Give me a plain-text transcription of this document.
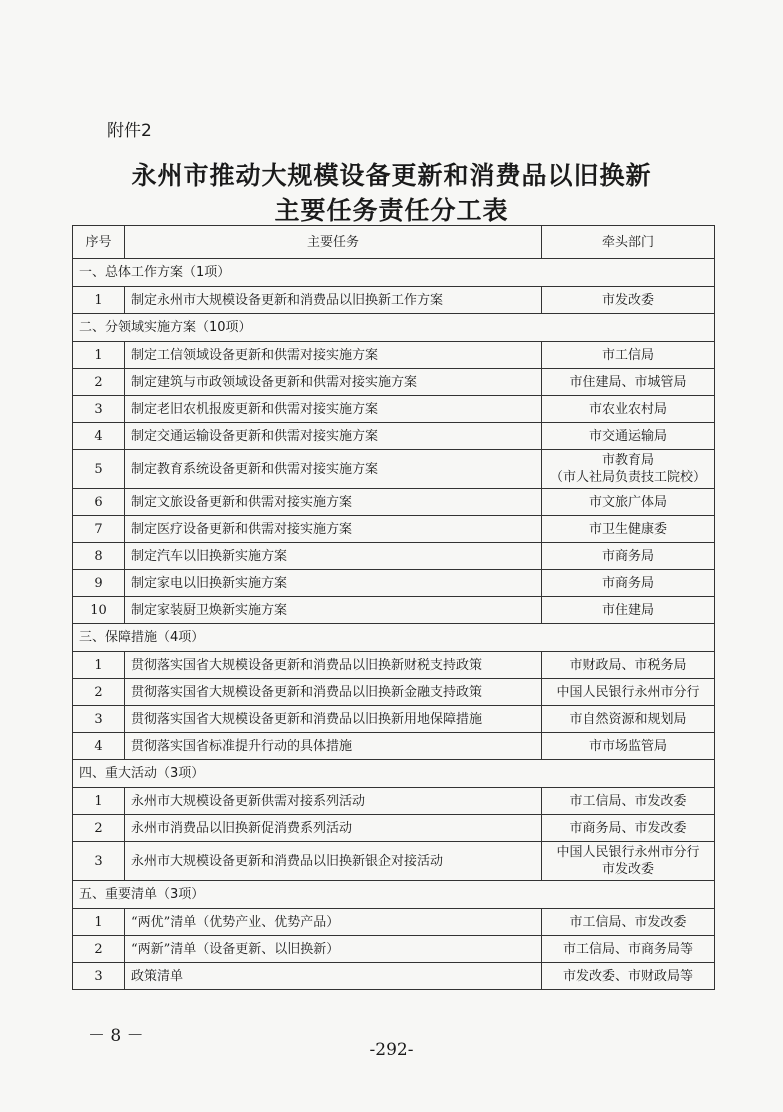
附件2
永州市推动大规模设备更新和消费品以旧换新
主要任务责任分工表
序号	主要任务	牵头部门
一、总体工作方案（1项）		
1	制定永州市大规模设备更新和消费品以旧换新工作方案	市发改委

二、分领域实施方案（10项）		
1	制定工信领域设备更新和供需对接实施方案	市工信局

2	制定建筑与市政领域设备更新和供需对接实施方案	市住建局、市城管局

3	制定老旧农机报废更新和供需对接实施方案	市农业农村局

4	制定交通运输设备更新和供需对接实施方案	市交通运输局

5	制定教育系统设备更新和供需对接实施方案	市教育局
（市人社局负责技工院校）

6	制定文旅设备更新和供需对接实施方案	市文旅广体局

7	制定医疗设备更新和供需对接实施方案	市卫生健康委

8	制定汽车以旧换新实施方案	市商务局

9	制定家电以旧换新实施方案	市商务局

10	制定家装厨卫焕新实施方案	市住建局

三、保障措施（4项）		
1	贯彻落实国省大规模设备更新和消费品以旧换新财税支持政策	市财政局、市税务局

2	贯彻落实国省大规模设备更新和消费品以旧换新金融支持政策	中国人民银行永州市分行

3	贯彻落实国省大规模设备更新和消费品以旧换新用地保障措施	市自然资源和规划局

4	贯彻落实国省标准提升行动的具体措施	市市场监管局

四、重大活动（3项）		
1	永州市大规模设备更新供需对接系列活动	市工信局、市发改委

2	永州市消费品以旧换新促消费系列活动	市商务局、市发改委

3	永州市大规模设备更新和消费品以旧换新银企对接活动	中国人民银行永州市分行
市发改委

五、重要清单（3项）		
1	“两优”清单（优势产业、优势产品）	市工信局、市发改委

2	“两新”清单（设备更新、以旧换新）	市工信局、市商务局等

3	政策清单	市发改委、市财政局等
－ 8 －
-292-
